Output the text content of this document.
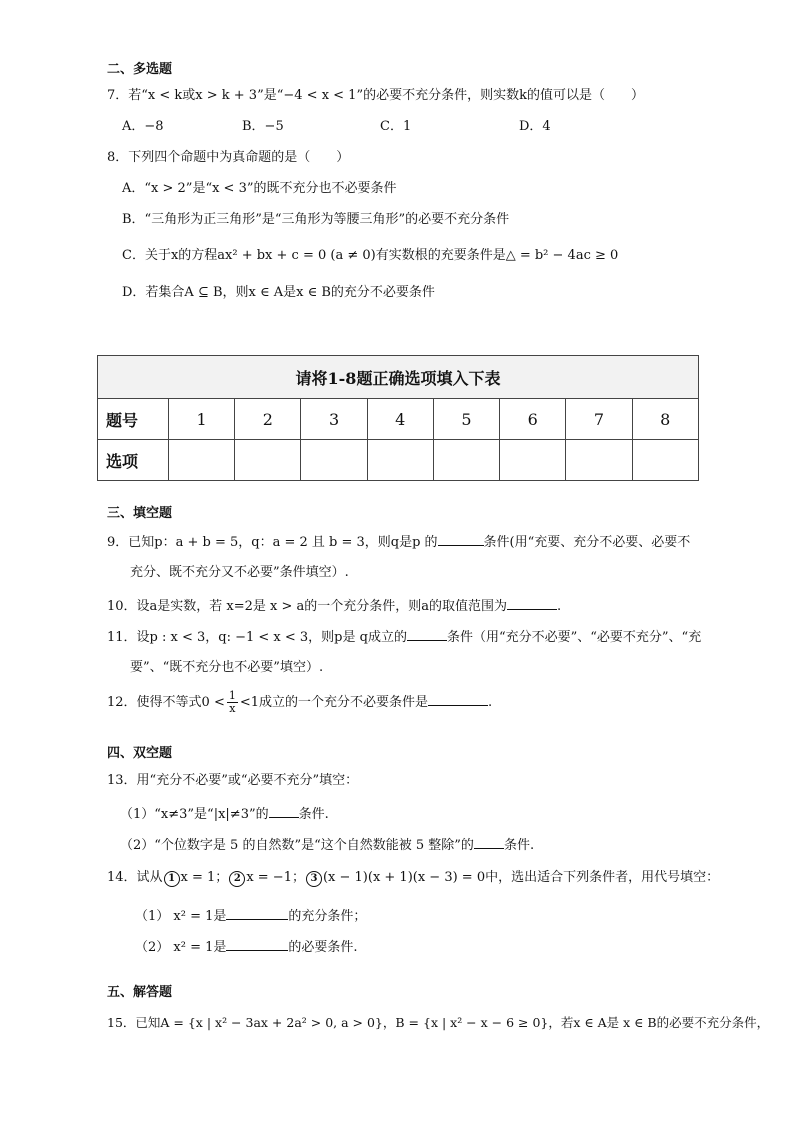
二、多选题
7．若“x < k或x > k + 3”是“−4 < x < 1”的必要不充分条件，则实数k的值可以是（　　）
A．−8	B．−5	C．1	D．4
8．下列四个命题中为真命题的是（　　）
A．“x > 2”是“x < 3”的既不充分也不必要条件
B．“三角形为正三角形”是“三角形为等腰三角形”的必要不充分条件
C．关于x的方程ax² + bx + c = 0 (a ≠ 0)有实数根的充要条件是△ = b² − 4ac ≥ 0
D．若集合A ⊆ B，则x ∈ A是x ∈ B的充分不必要条件
请将1-8题正确选项填入下表								
题号	1	2	3	4	5	6	7	8
选项								
三、填空题
9．已知p：a + b = 5，q：a = 2 且 b = 3，则q是p 的	条件(用“充要、充分不必要、必要不
充分、既不充分又不必要”条件填空）.
10．设a是实数，若 x=2是 x > a的一个充分条件，则a的取值范围为	.
11．设p : x < 3，q: −1 < x < 3，则p是 q成立的	条件（用“充分不必要”、“必要不充分”、“充
要”、“既不充分也不必要”填空）.
12．使得不等式$0 < \frac{1}{x} <1$成立的一个充分不必要条件是	.
四、双空题
13．用“充分不必要”或“必要不充分”填空：
（1）“x≠3”是“|x|≠3”的 条件.
（2）“个位数字是 5 的自然数”是“这个自然数能被 5 整除”的 条件.
14．试从 1 x = 1； 2 x = −1； 3 (x − 1)(x + 1)(x − 3) = 0中，选出适合下列条件者，用代号填空：
（1） x² = 1是	的充分条件；
（2） x² = 1是	的必要条件.
五、解答题
15．已知A = {x | x² − 3ax + 2a² > 0, a > 0}，B = {x | x² − x − 6 ≥ 0}，若x ∈ A是 x ∈ B的必要不充分条件，
